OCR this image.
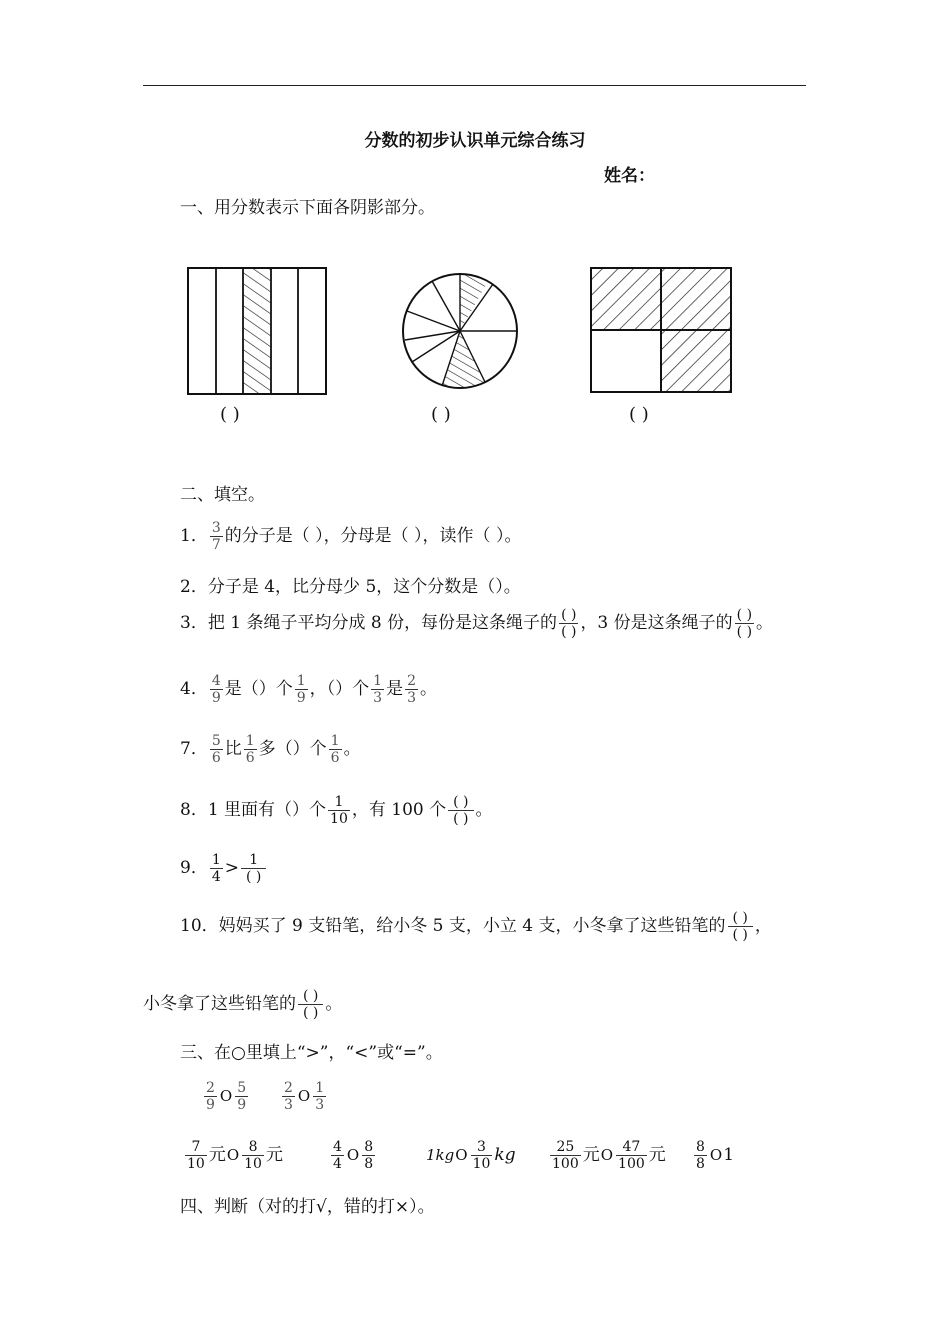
分数的初步认识单元综合练习
姓名：
一、用分数表示下面各阴影部分。
( )	( )	( )
二、填空。
1． $\frac{3}{7}$ 的分子是（ ），分母是（ ），读作（ ）。
2．分子是 4，比分母少 5，这个分数是（）。
3．把 1 条绳子平均分成 8 份，每份是这条绳子的 $\frac{( )}{( )}$ ，3 份是这条绳子的 $\frac{( )}{( )}$ 。
4． $\frac{4}{9}$ 是（）个 $\frac{1}{9}$ ，（）个 $\frac{1}{3}$ 是 $\frac{2}{3}$ 。
7． $\frac{5}{6}$ 比 $\frac{1}{6}$ 多（）个 $\frac{1}{6}$ 。
8．1 里面有（）个 $\frac{1}{10}$ ，有 100 个 $\frac{( )}{( )}$ 。
9． $\frac{1}{4} > \frac{1}{( )}$
10．妈妈买了 9 支铅笔，给小冬 5 支，小立 4 支，小冬拿了这些铅笔的 $\frac{( )}{( )}$ ，
小冬拿了这些铅笔的 $\frac{( )}{( )}$ 。
三、在○里填上“>”，“<”或“=”。
$\frac{2}{9}$ O $\frac{5}{9} \frac{2}{3}$ O $\frac{1}{3}$
$\frac{7}{10}$ 元O $\frac{8}{10}$ 元	$\frac{4}{4}$ O $\frac{8}{8}$	$1kgO \frac{3}{10}$ kg $\frac{25}{100}$ 元O $\frac{47}{100}$ 元 $\frac{8}{8} O1$
四、判断（对的打√，错的打×）。
